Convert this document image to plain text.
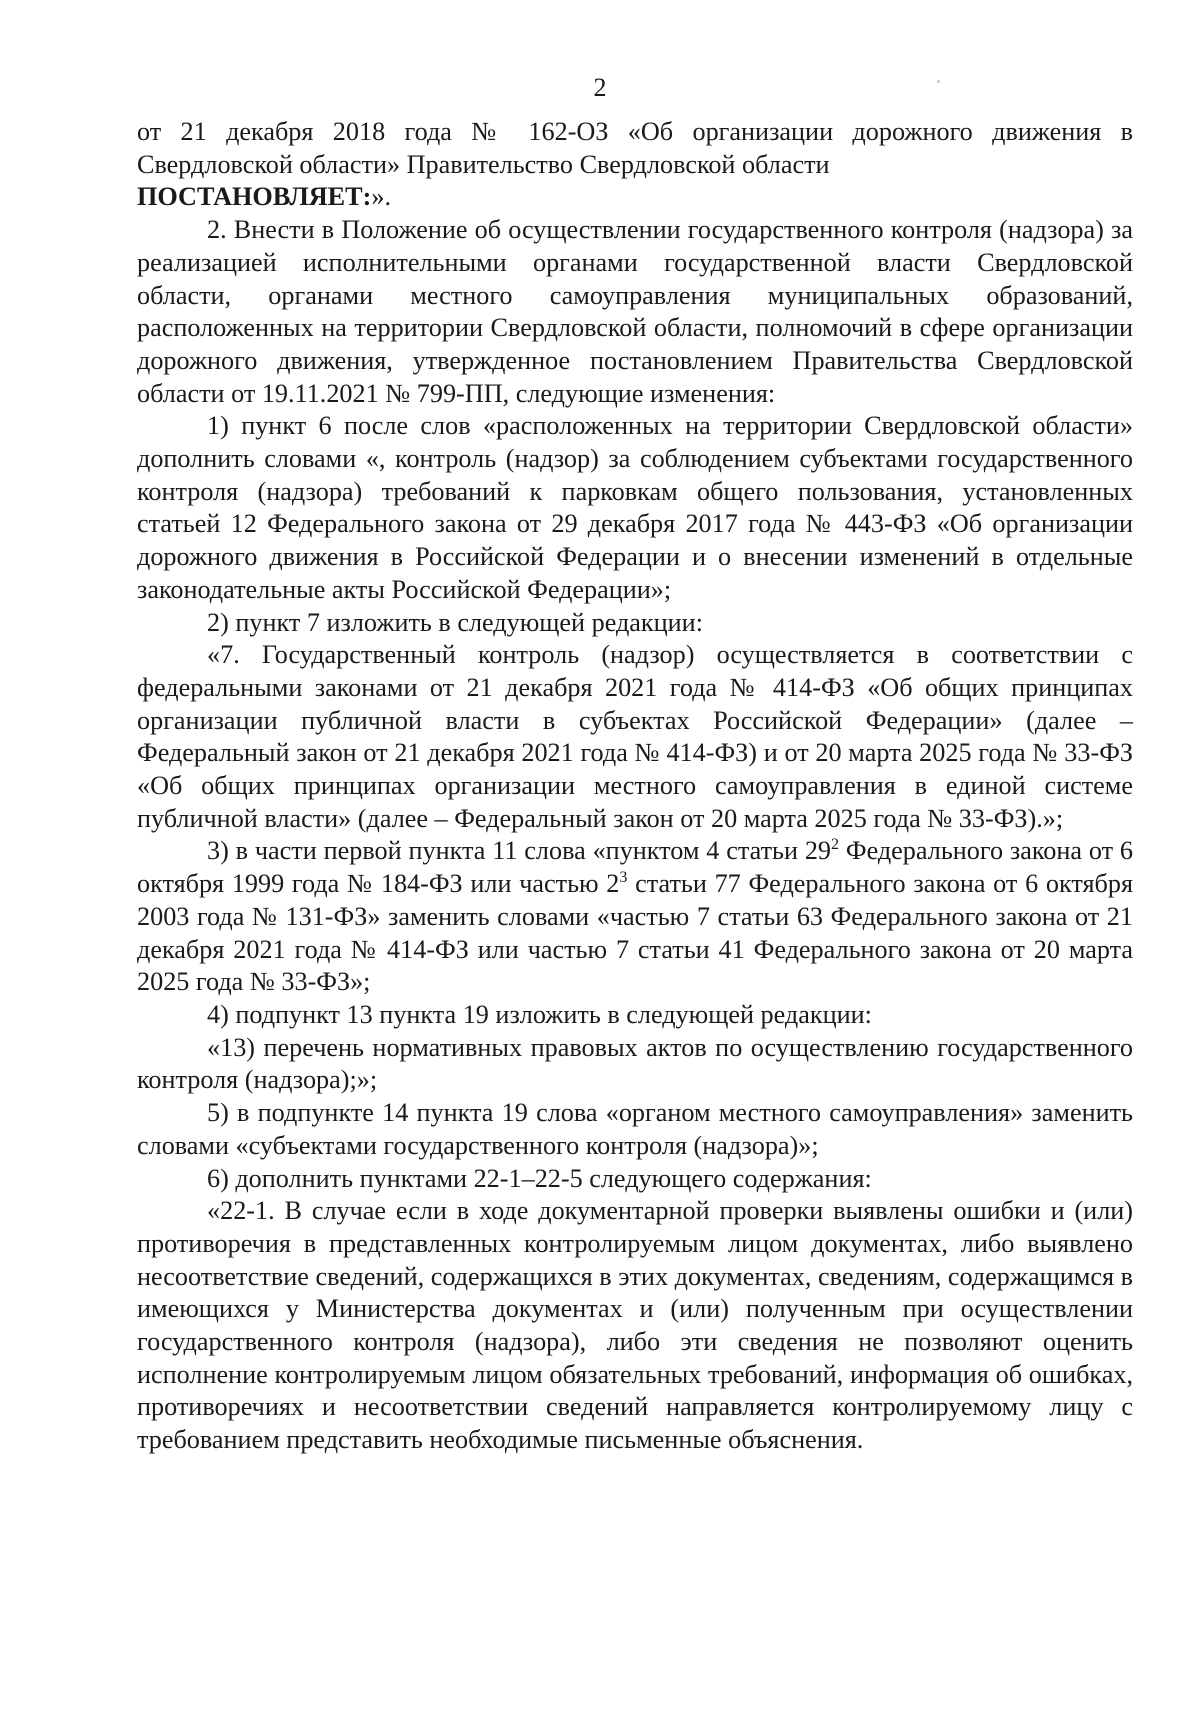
2

от 21 декабря 2018 года № 162-ОЗ «Об организации дорожного движения в Свердловской области» Правительство Свердловской области

ПОСТАНОВЛЯЕТ:».

2. Внести в Положение об осуществлении государственного контроля (надзора) за реализацией исполнительными органами государственной власти Свердловской области, органами местного самоуправления муниципальных образований, расположенных на территории Свердловской области, полномочий в сфере организации дорожного движения, утвержденное постановлением Правительства Свердловской области от 19.11.2021 № 799-ПП, следующие изменения:

1) пункт 6 после слов «расположенных на территории Свердловской области» дополнить словами «, контроль (надзор) за соблюдением субъектами государственного контроля (надзора) требований к парковкам общего пользования, установленных статьей 12 Федерального закона от 29 декабря 2017 года № 443-ФЗ «Об организации дорожного движения в Российской Федерации и о внесении изменений в отдельные законодательные акты Российской Федерации»;

2) пункт 7 изложить в следующей редакции:

«7. Государственный контроль (надзор) осуществляется в соответствии с федеральными законами от 21 декабря 2021 года № 414-ФЗ «Об общих принципах организации публичной власти в субъектах Российской Федерации» (далее – Федеральный закон от 21 декабря 2021 года № 414-ФЗ) и от 20 марта 2025 года № 33-ФЗ «Об общих принципах организации местного самоуправления в единой системе публичной власти» (далее – Федеральный закон от 20 марта 2025 года № 33-ФЗ).»;

3) в части первой пункта 11 слова «пунктом 4 статьи $29^2$ Федерального закона от 6 октября 1999 года № 184-ФЗ или частью $2^3$ статьи 77 Федерального закона от 6 октября 2003 года № 131-ФЗ» заменить словами «частью 7 статьи 63 Федерального закона от 21 декабря 2021 года № 414-ФЗ или частью 7 статьи 41 Федерального закона от 20 марта 2025 года № 33-ФЗ»;

4) подпункт 13 пункта 19 изложить в следующей редакции:

«13) перечень нормативных правовых актов по осуществлению государственного контроля (надзора);»;

5) в подпункте 14 пункта 19 слова «органом местного самоуправления» заменить словами «субъектами государственного контроля (надзора)»;

6) дополнить пунктами 22-1–22-5 следующего содержания:

«22-1. В случае если в ходе документарной проверки выявлены ошибки и (или) противоречия в представленных контролируемым лицом документах, либо выявлено несоответствие сведений, содержащихся в этих документах, сведениям, содержащимся в имеющихся у Министерства документах и (или) полученным при осуществлении государственного контроля (надзора), либо эти сведения не позволяют оценить исполнение контролируемым лицом обязательных требований, информация об ошибках, противоречиях и несоответствии сведений направляется контролируемому лицу с требованием представить необходимые письменные объяснения.
